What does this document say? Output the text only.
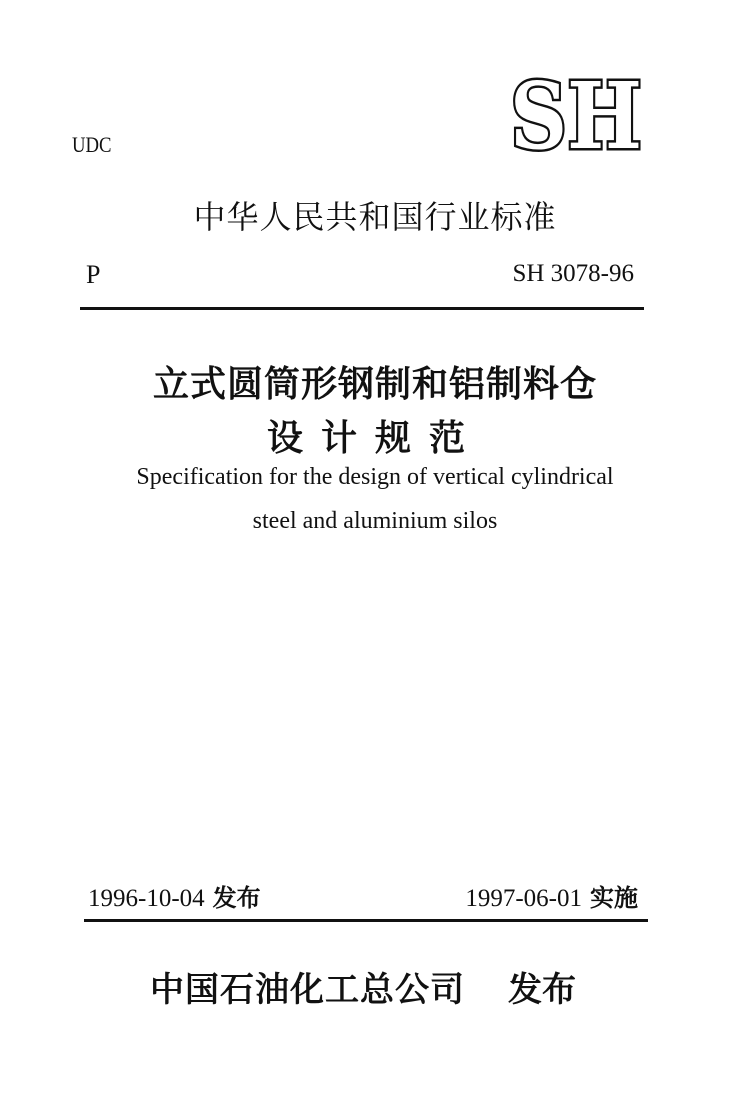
UDC	SH
中华人民共和国行业标准
P	SH 3078-96
立式圆筒形钢制和铝制料仓
设计规范
Specification for the design of vertical cylindrical
steel and aluminium silos
1996-10-04 发布	1997-06-01 实施
中国石油化工总公司 发布
